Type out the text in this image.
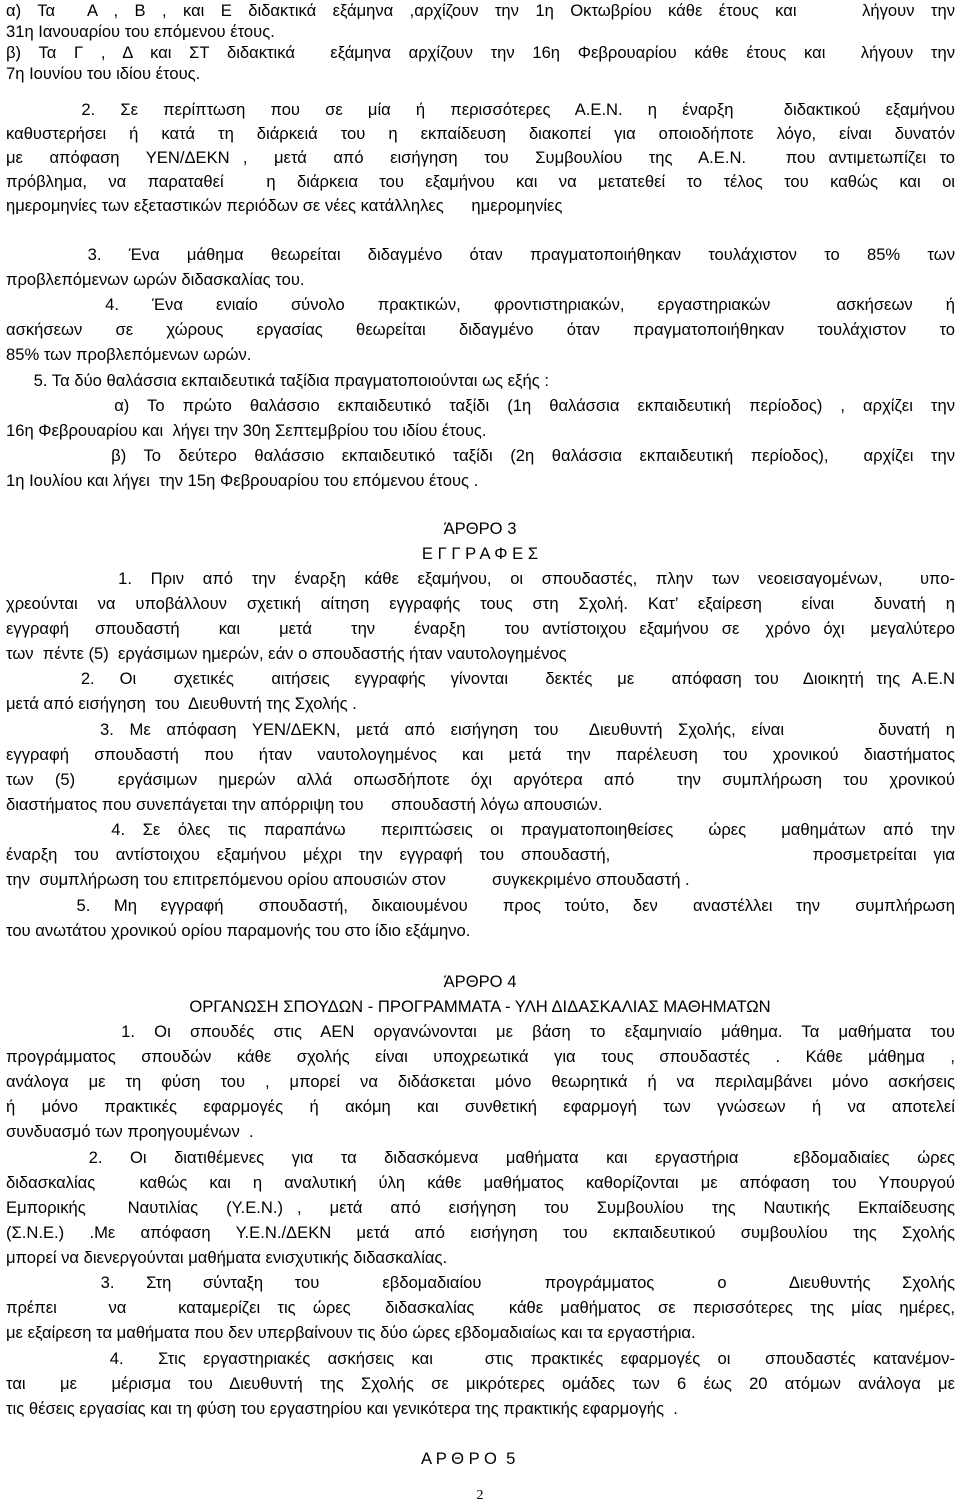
α) Τα  Α , Β , και Ε διδακτικά εξάμηνα ,αρχίζουν την 1η Οκτωβρίου κάθε έτους και    λήγουν την
31η Ιανουαρίου του επόμενου έτους.
β) Τα Γ , Δ και ΣΤ διδακτικά  εξάμηνα αρχίζουν την 16η Φεβρουαρίου κάθε έτους και  λήγουν την
7η Ιουνίου του ιδίου έτους.
2.  Σε  περίπτωση  που  σε  μία  ή  περισσότερες  Α.Ε.Ν.  η  έναρξη    διδακτικού  εξαμήνου
καθυστερήσει ή κατά τη διάρκειά του η εκπαίδευση διακοπεί για οποιοδήποτε λόγο, είναι δυνατόν
με  απόφαση  ΥΕΝ/ΔΕΚΝ ,  μετά  από  εισήγηση  του  Συμβουλίου  της  Α.Ε.Ν.   που αντιμετωπίζει το
πρόβλημα,  να  παραταθεί    η  διάρκεια  του  εξαμήνου  και  να  μετατεθεί  το  τέλος  του  καθώς  και  οι
ημερομηνίες των εξεταστικών περιόδων σε νέες κατάλληλες      ημερομηνίες
3.  Ένα  μάθημα  θεωρείται  διδαγμένο  όταν  πραγματοποιήθηκαν  τουλάχιστον  το  85%  των
προβλεπόμενων ωρών διδασκαλίας του.
4.  Ένα  ενιαίο  σύνολο  πρακτικών,  φροντιστηριακών,  εργαστηριακών    ασκήσεων  ή
ασκήσεων  σε  χώρους  εργασίας  θεωρείται  διδαγμένο  όταν  πραγματοποιήθηκαν  τουλάχιστον  το
85% των προβλεπόμενων ωρών.
5. Τα δύο θαλάσσια εκπαιδευτικά ταξίδια πραγματοποιούνται ως εξής :
α) Το πρώτο θαλάσσιο εκπαιδευτικό ταξίδι (1η θαλάσσια εκπαιδευτική περίοδος) , αρχίζει την
16η Φεβρουαρίου και  λήγει την 30η Σεπτεμβρίου του ιδίου έτους.
β) Το δεύτερο θαλάσσιο εκπαιδευτικό ταξίδι (2η θαλάσσια εκπαιδευτική περίοδος),  αρχίζει την
1η Ιουλίου και λήγει  την 15η Φεβρουαρίου του επόμενου έτους .
ΆΡΘΡΟ 3
Ε Γ Γ Ρ Α Φ Ε Σ
1. Πριν από την έναρξη κάθε εξαμήνου, οι σπουδαστές, πλην των νεοεισαγομένων,  υπο-
χρεούνται να υποβάλλουν σχετική αίτηση εγγραφής τους στη Σχολή. Κατ’ εξαίρεση  είναι  δυνατή η
εγγραφή  σπουδαστή   και   μετά   την   έναρξη   του αντίστοιχου εξαμήνου σε  χρόνο όχι  μεγαλύτερο
των  πέντε (5)  εργάσιμων ημερών, εάν ο σπουδαστής ήταν ναυτολογημένος
2.  Οι   σχετικές   αιτήσεις  εγγραφής  γίνονται   δεκτές  με   απόφαση του  Διοικητή της Α.Ε.Ν
μετά από εισήγηση  του  Διευθυντή της Σχολής .
3. Με απόφαση ΥΕΝ/ΔΕΚΝ, μετά από εισήγηση του  Διευθυντή Σχολής, είναι      δυνατή η
εγγραφή σπουδαστή που ήταν ναυτολογημένος και μετά την παρέλευση του χρονικού διαστήματος
των (5)  εργάσιμων ημερών αλλά οπωσδήποτε όχι αργότερα από  την συμπλήρωση του χρονικού
διαστήματος που συνεπάγεται την απόρριψη του      σπουδαστή λόγω απουσιών.
4. Σε όλες τις παραπάνω  περιπτώσεις οι πραγματοποιηθείσες  ώρες  μαθημάτων από την
έναρξη του αντίστοιχου εξαμήνου μέχρι την εγγραφή του σπουδαστή,            προσμετρείται για
την  συμπλήρωση του επιτρεπόμενου ορίου απουσιών στον          συγκεκριμένο σπουδαστή .
5.  Μη  εγγραφή   σπουδαστή,  δικαιουμένου   προς  τούτο,  δεν   αναστέλλει  την   συμπλήρωση
του ανωτάτου χρονικού ορίου παραμονής του στο ίδιο εξάμηνο.
ΆΡΘΡΟ 4
ΟΡΓΑΝΩΣΗ ΣΠΟΥΔΩΝ - ΠΡΟΓΡΑΜΜΑΤΑ - ΥΛΗ ΔΙΔΑΣΚΑΛΙΑΣ ΜΑΘΗΜΑΤΩΝ
1. Οι σπουδές στις ΑΕΝ οργανώνονται με βάση το εξαμηνιαίο μάθημα. Τα μαθήματα του
προγράμματος σπουδών κάθε σχολής είναι υποχρεωτικά για τους σπουδαστές . Κάθε μάθημα ,
ανάλογα με τη φύση του , μπορεί να διδάσκεται μόνο θεωρητικά ή να περιλαμβάνει μόνο ασκήσεις
ή  μόνο  πρακτικές  εφαρμογές  ή  ακόμη  και  συνθετική  εφαρμογή  των  γνώσεων  ή  να  αποτελεί
συνδυασμό των προηγουμένων  .
2.  Οι  διατιθέμενες  για  τα  διδασκόμενα  μαθήματα  και  εργαστήρια    εβδομαδιαίες  ώρες
διδασκαλίας  καθώς και η αναλυτική ύλη κάθε μαθήματος καθορίζονται με απόφαση του Υπουργού
Εμπορικής   Ναυτιλίας  (Υ.Ε.Ν.) ,  μετά  από  εισήγηση  του  Συμβουλίου  της  Ναυτικής  Εκπαίδευσης
(Σ.Ν.Ε.) .Με απόφαση Υ.Ε.Ν./ΔΕΚΝ μετά από εισήγηση του εκπαιδευτικού συμβουλίου της Σχολής
μπορεί να διενεργούνται μαθήματα ενισχυτικής διδασκαλίας.
3.  Στη  σύνταξη  του    εβδομαδιαίου    προγράμματος    ο    Διευθυντής  Σχολής
πρέπει   να   καταμερίζει τις ώρες  διδασκαλίας  κάθε μαθήματος σε περισσότερες της μίας ημέρες,
με εξαίρεση τα μαθήματα που δεν υπερβαίνουν τις δύο ώρες εβδομαδιαίως και τα εργαστήρια.
4.  Στις εργαστηριακές ασκήσεις και   στις πρακτικές εφαρμογές οι  σπουδαστές κατανέμον-
ται  με  μέρισμα του Διευθυντή της Σχολής σε μικρότερες ομάδες των 6 έως 20 ατόμων ανάλογα με
τις θέσεις εργασίας και τη φύση του εργαστηρίου και γενικότερα της πρακτικής εφαρμογής  .
Α Ρ Θ Ρ Ο  5
2
